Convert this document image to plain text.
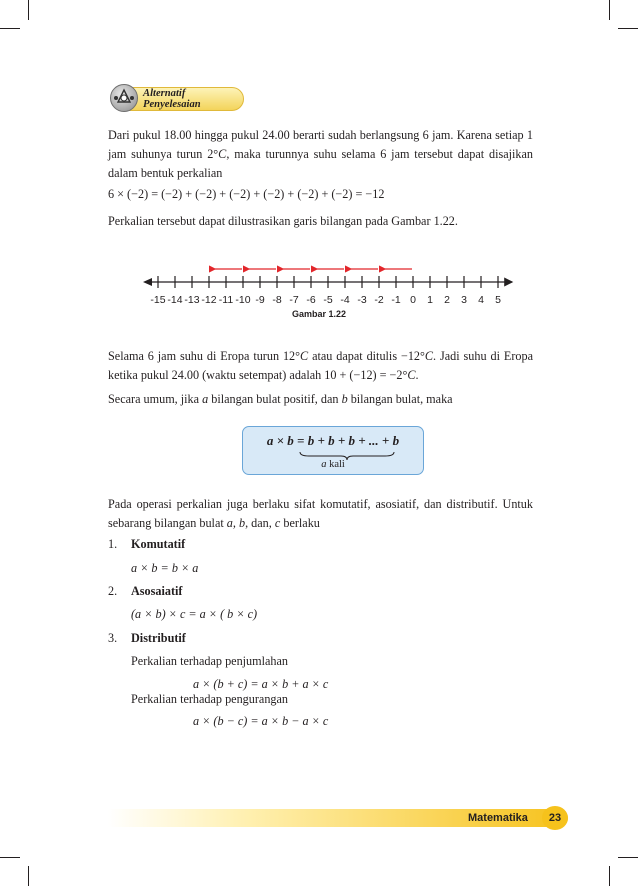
Alternatif
Penyelesaian

Dari pukul 18.00 hingga pukul 24.00 berarti sudah berlangsung 6 jam. Karena setiap 1 jam suhunya turun 2°C, maka turunnya suhu selama 6 jam tersebut dapat disajikan dalam bentuk perkalian

6 × (−2) = (−2) + (−2) + (−2) + (−2) + (−2) + (−2) = −12

Perkalian tersebut dapat dilustrasikan garis bilangan pada Gambar 1.22.

-15 -14 -13 -12 -11 -10 -9 -8 -7 -6 -5 -4 -3 -2 -1 0 1 2 3 4 5
Gambar 1.22

Selama 6 jam suhu di Eropa turun 12°C atau dapat ditulis −12°C. Jadi suhu di Eropa ketika pukul 24.00 (waktu setempat) adalah 10 + (−12) = −2°C.

Secara umum, jika a bilangan bulat positif, dan b bilangan bulat, maka

a × b = b + b + b + ... + b
a kali

Pada operasi perkalian juga berlaku sifat komutatif, asosiatif, dan distributif. Untuk sebarang bilangan bulat a, b, dan, c berlaku

1. Komutatif
a × b = b × a
2. Asosaiatif
(a × b) × c = a × ( b × c)
3. Distributif
Perkalian terhadap penjumlahan
a × (b + c) = a × b + a × c
Perkalian terhadap pengurangan
a × (b − c) = a × b − a × c
Matematika	23
